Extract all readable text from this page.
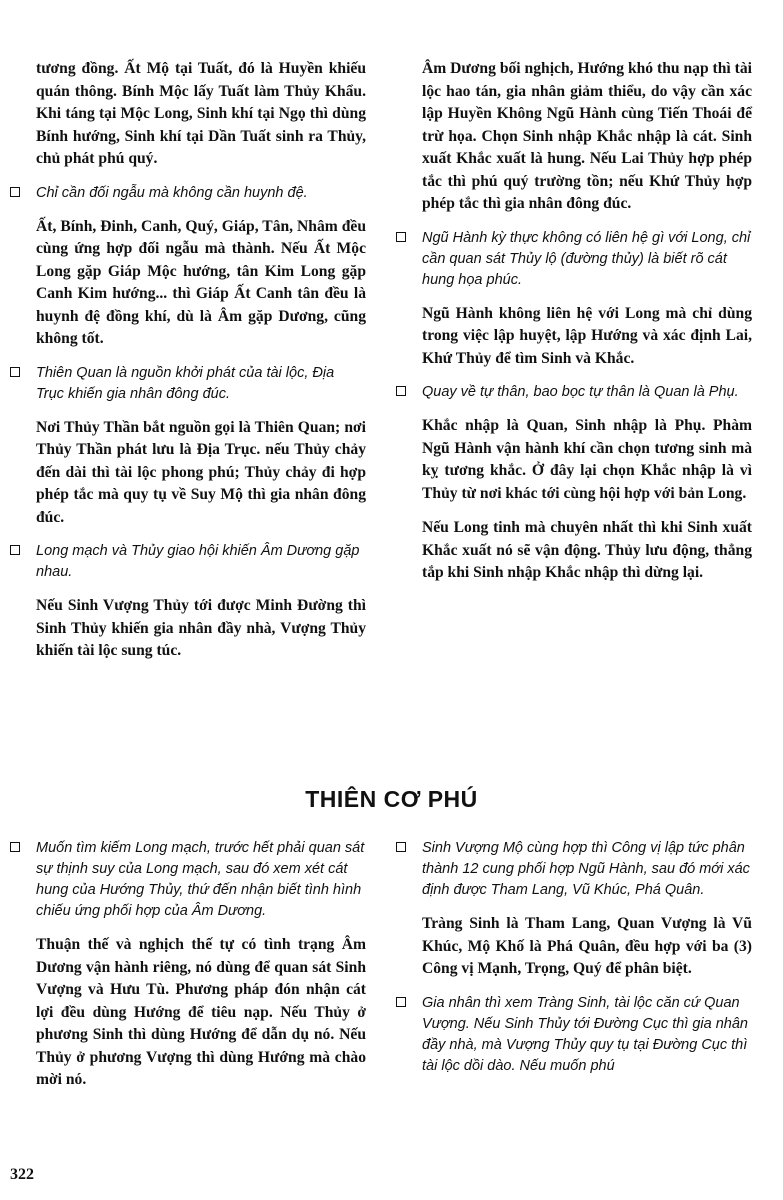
tương đồng. Ất Mộ tại Tuất, đó là Huyền khiếu quán thông. Bính Mộc lấy Tuất làm Thủy Khẩu. Khi táng tại Mộc Long, Sinh khí tại Ngọ thì dùng Bính hướng, Sinh khí tại Dần Tuất sinh ra Thủy, chủ phát phú quý.

Chỉ cần đối ngẫu mà không cần huynh đệ.

Ất, Bính, Đinh, Canh, Quý, Giáp, Tân, Nhâm đều cùng ứng hợp đối ngẫu mà thành. Nếu Ất Mộc Long gặp Giáp Mộc hướng, tân Kim Long gặp Canh Kim hướng... thì Giáp Ất Canh tân đều là huynh đệ đồng khí, dù là Âm gặp Dương, cũng không tốt.

Thiên Quan là nguồn khởi phát của tài lộc, Địa Trục khiến gia nhân đông đúc.

Nơi Thủy Thần bắt nguồn gọi là Thiên Quan; nơi Thủy Thần phát lưu là Địa Trục. nếu Thủy chảy đến dài thì tài lộc phong phú; Thủy chảy đi hợp phép tắc mà quy tụ về Suy Mộ thì gia nhân đông đúc.

Long mạch và Thủy giao hội khiến Âm Dương gặp nhau.

Nếu Sinh Vượng Thủy tới được Minh Đường thì Sinh Thủy khiến gia nhân đầy nhà, Vượng Thủy khiến tài lộc sung túc.

Âm Dương bối nghịch, Hướng khó thu nạp thì tài lộc hao tán, gia nhân giảm thiểu, do vậy cần xác lập Huyền Không Ngũ Hành cùng Tiến Thoái để trừ họa. Chọn Sinh nhập Khắc nhập là cát. Sinh xuất Khắc xuất là hung. Nếu Lai Thủy hợp phép tắc thì phú quý trường tồn; nếu Khứ Thủy hợp phép tắc thì gia nhân đông đúc.

Ngũ Hành kỳ thực không có liên hệ gì với Long, chỉ cần quan sát Thủy lộ (đường thủy) là biết rõ cát hung họa phúc.

Ngũ Hành không liên hệ với Long mà chỉ dùng trong việc lập huyệt, lập Hướng và xác định Lai, Khứ Thủy để tìm Sinh và Khắc.

Quay về tự thân, bao bọc tự thân là Quan là Phụ.

Khắc nhập là Quan, Sinh nhập là Phụ. Phàm Ngũ Hành vận hành khí cần chọn tương sinh mà kỵ tương khắc. Ở đây lại chọn Khắc nhập là vì Thủy từ nơi khác tới cùng hội hợp với bản Long.

Nếu Long tinh mà chuyên nhất thì khi Sinh xuất Khắc xuất nó sẽ vận động. Thủy lưu động, thẳng tắp khi Sinh nhập Khắc nhập thì dừng lại.

THIÊN CƠ PHÚ
Muốn tìm kiếm Long mạch, trước hết phải quan sát sự thịnh suy của Long mạch, sau đó xem xét cát hung của Hướng Thủy, thứ đến nhận biết tình hình chiếu ứng phối hợp của Âm Dương.

Thuận thế và nghịch thế tự có tình trạng Âm Dương vận hành riêng, nó dùng để quan sát Sinh Vượng và Hưu Tù. Phương pháp đón nhận cát lợi đều dùng Hướng để tiêu nạp. Nếu Thủy ở phương Sinh thì dùng Hướng để dẫn dụ nó. Nếu Thủy ở phương Vượng thì dùng Hướng mà chào mời nó.

Sinh Vượng Mộ cùng hợp thì Công vị lập tức phân thành 12 cung phối hợp Ngũ Hành, sau đó mới xác định được Tham Lang, Vũ Khúc, Phá Quân.

Tràng Sinh là Tham Lang, Quan Vượng là Vũ Khúc, Mộ Khố là Phá Quân, đều hợp với ba (3) Công vị Mạnh, Trọng, Quý để phân biệt.

Gia nhân thì xem Tràng Sinh, tài lộc căn cứ Quan Vượng. Nếu Sinh Thủy tới Đường Cục thì gia nhân đầy nhà, mà Vượng Thủy quy tụ tại Đường Cục thì tài lộc dồi dào. Nếu muốn phú
322
